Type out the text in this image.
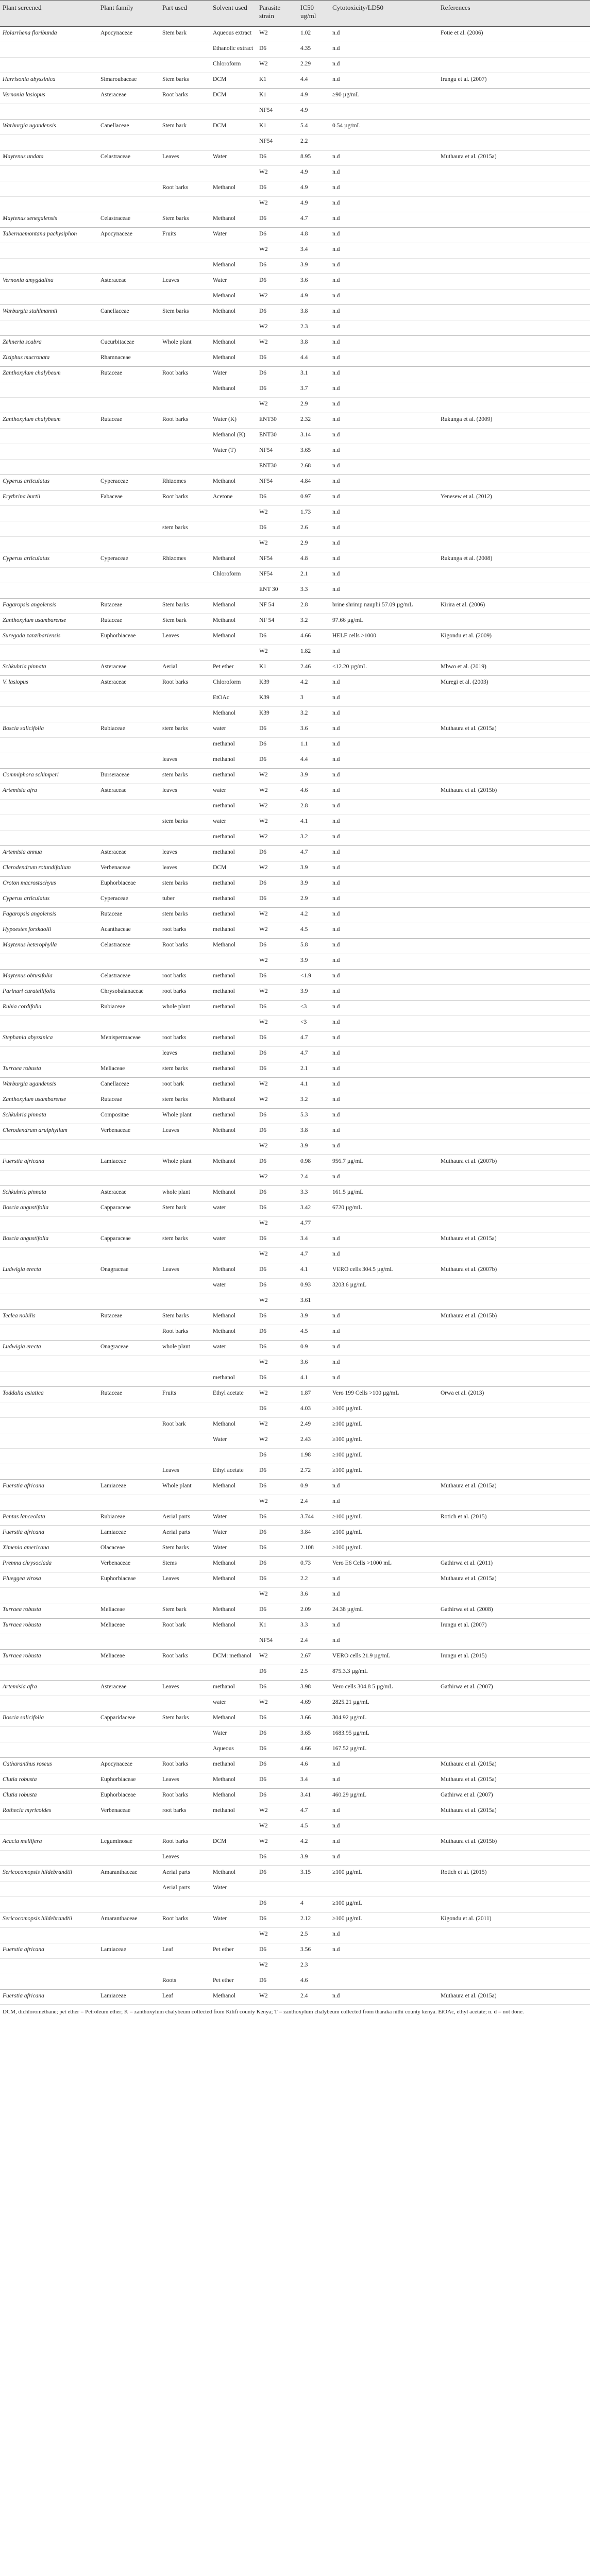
Plant screened	Plant family	Part used	Solvent used	Parasite strain	IC50 ug/ml	Cytotoxicity/LD50	References
Holarrhena floribunda	Apocynaceae	Stem bark	Aqueous extract	W2	1.02	n.d	Fotie et al. (2006)
			Ethanolic extract	D6	4.35	n.d	
			Chloroform	W2	2.29	n.d	
Harrisonia abyssinica	Simaroubaceae	Stem barks	DCM	K1	4.4	n.d	Irungu et al. (2007)
Vernonia lasiopus	Asteraceae	Root barks	DCM	K1	4.9	≥90 µg/mL	
				NF54	4.9		
Warburgia ugandensis	Canellaceae	Stem bark	DCM	K1	5.4	0.54 µg/mL	
				NF54	2.2		
Maytenus undata	Celastraceae	Leaves	Water	D6	8.95	n.d	Muthaura et al. (2015a)
				W2	4.9	n.d	
		Root barks	Methanol	D6	4.9	n.d	
				W2	4.9	n.d	
Maytenus senegalensis	Celastraceae	Stem barks	Methanol	D6	4.7	n.d	
Tabernaemontana pachysiphon	Apocynaceae	Fruits	Water	D6	4.8	n.d	
				W2	3.4	n.d	
			Methanol	D6	3.9	n.d	
Vernonia amygdalina	Asteraceae	Leaves	Water	D6	3.6	n.d	
			Methanol	W2	4.9	n.d	
Warburgia stuhlmannii	Canellaceae	Stem barks	Methanol	D6	3.8	n.d	
				W2	2.3	n.d	
Zehneria scabra	Cucurbitaceae	Whole plant	Methanol	W2	3.8	n.d	
Ziziphus mucronata	Rhamnaceae		Methanol	D6	4.4	n.d	
Zanthoxylum chalybeum	Rutaceae	Root barks	Water	D6	3.1	n.d	
			Methanol	D6	3.7	n.d	
				W2	2.9	n.d	
Zanthoxylum chalybeum	Rutaceae	Root barks	Water (K)	ENT30	2.32	n.d	Rukunga et al. (2009)
			Methanol (K)	ENT30	3.14	n.d	
			Water (T)	NF54	3.65	n.d	
				ENT30	2.68	n.d	
Cyperus articulatus	Cyperaceae	Rhizomes	Methanol	NF54	4.84	n.d	
Erythrina burtii	Fabaceae	Root barks	Acetone	D6	0.97	n.d	Yenesew et al. (2012)
				W2	1.73	n.d	
		stem barks		D6	2.6	n.d	
				W2	2.9	n.d	
Cyperus articulatus	Cyperaceae	Rhizomes	Methanol	NF54	4.8	n.d	Rukunga et al. (2008)
			Chloroform	NF54	2.1	n.d	
				ENT 30	3.3	n.d	
Fagaropsis angolensis	Rutaceae	Stem barks	Methanol	NF 54	2.8	brine shrimp nauplii 57.09 µg/mL	Kirira et al. (2006)
Zanthoxylum usambarense	Rutaceae	Stem bark	Methanol	NF 54	3.2	97.66 µg/mL	
Suregada zanzibariensis	Euphorbiaceae	Leaves	Methanol	D6	4.66	HELF cells >1000	Kigondu et al. (2009)
				W2	1.82	n.d	
Schkuhria pinnata	Asteraceae	Aerial	Pet ether	K1	2.46	<12.20 µg/mL	Mbwo et al. (2019)
V. lasiopus	Asteraceae	Root barks	Chloroform	K39	4.2	n.d	Muregi et al. (2003)
			EtOAc	K39	3	n.d	
			Methanol	K39	3.2	n.d	
Boscia salicifolia	Rubiaceae	stem barks	water	D6	3.6	n.d	Muthaura et al. (2015a)
			methanol	D6	1.1	n.d	
		leaves	methanol	D6	4.4	n.d	
Commiphora schimperi	Burseraceae	stem barks	methanol	W2	3.9	n.d	
Artemisia afra	Asteraceae	leaves	water	W2	4.6	n.d	Muthaura et al. (2015b)
			methanol	W2	2.8	n.d	
		stem barks	water	W2	4.1	n.d	
			methanol	W2	3.2	n.d	
Artemisia annua	Asteraceae	leaves	methanol	D6	4.7	n.d	
Clerodendrum rotundifolium	Verbenaceae	leaves	DCM	W2	3.9	n.d	
Croton macrostachyus	Euphorbiaceae	stem barks	methanol	D6	3.9	n.d	
Cyperus articulatus	Cyperaceae	tuber	methanol	D6	2.9	n.d	
Fagaropsis angolensis	Rutaceae	stem barks	methanol	W2	4.2	n.d	
Hypoestes forskaolii	Acanthaceae	root barks	methanol	W2	4.5	n.d	
Maytenus heterophylla	Celastraceae	Root barks	Methanol	D6	5.8	n.d	
				W2	3.9	n.d	
Maytenus obtusifolia	Celastraceae	root barks	methanol	D6	<1.9	n.d	
Parinari curatellifolia	Chrysobalanaceae	root barks	methanol	W2	3.9	n.d	
Rubia cordifolia	Rubiaceae	whole plant	methanol	D6	<3	n.d	
				W2	<3	n.d	
Stephania abyssinica	Menispermaceae	root barks	methanol	D6	4.7	n.d	
		leaves	methanol	D6	4.7	n.d	
Turraea robusta	Meliaceae	stem barks	methanol	D6	2.1	n.d	
Warburgia ugandensis	Canellaceae	root bark	methanol	W2	4.1	n.d	
Zanthoxylum usambarense	Rutaceae	stem barks	Methanol	W2	3.2	n.d	
Schkuhria pinnata	Compositae	Whole plant	methanol	D6	5.3	n.d	
Clerodendrum aruiphyllum	Verbenaceae	Leaves	Methanol	D6	3.8	n.d	
				W2	3.9	n.d	
Fuerstia africana	Lamiaceae	Whole plant	Methanol	D6	0.98	956.7 µg/mL	Muthaura et al. (2007b)
				W2	2.4	n.d	
Schkuhria pinnata	Asteraceae	whole plant	Methanol	D6	3.3	161.5 µg/mL	
Boscia angustifolia	Capparaceae	Stem bark	water	D6	3.42	6720 µg/mL	
				W2	4.77		
Boscia angustifolia	Capparaceae	stem barks	water	D6	3.4	n.d	Muthaura et al. (2015a)
				W2	4.7	n.d	
Ludwigia erecta	Onagraceae	Leaves	Methanol	D6	4.1	VERO cells 304.5 µg/mL	Muthaura et al. (2007b)
			water	D6	0.93	3203.6 µg/mL	
				W2	3.61		
Teclea nobilis	Rutaceae	Stem barks	Methanol	D6	3.9	n.d	Muthaura et al. (2015b)
		Root barks	Methanol	D6	4.5	n.d	
Ludwigia erecta	Onagraceae	whole plant	water	D6	0.9	n.d	
				W2	3.6	n.d	
			methanol	D6	4.1	n.d	
Toddalia asiatica	Rutaceae	Fruits	Ethyl acetate	W2	1.87	Vero 199 Cells >100 µg/mL	Orwa et al. (2013)
				D6	4.03	≥100 µg/mL	
		Root bark	Methanol	W2	2.49	≥100 µg/mL	
			Water	W2	2.43	≥100 µg/mL	
				D6	1.98	≥100 µg/mL	
		Leaves	Ethyl acetate	D6	2.72	≥100 µg/mL	
Fuerstia africana	Lamiaceae	Whole plant	Methanol	D6	0.9	n.d	Muthaura et al. (2015a)
				W2	2.4	n.d	
Pentas lanceolata	Rubiaceae	Aerial parts	Water	D6	3.744	≥100 µg/mL	Rotich et al. (2015)
Fuerstia africana	Lamiaceae	Aerial parts	Water	D6	3.84	≥100 µg/mL	
Ximenia americana	Olacaceae	Stem barks	Water	D6	2.108	≥100 µg/mL	
Premna chrysoclada	Verbenaceae	Stems	Methanol	D6	0.73	Vero E6 Cells >1000 mL	Gathirwa et al. (2011)
Flueggea virosa	Euphorbiaceae	Leaves	Methanol	D6	2.2	n.d	Muthaura et al. (2015a)
				W2	3.6	n.d	
Turraea robusta	Meliaceae	Stem bark	Methanol	D6	2.09	24.38 µg/mL	Gathirwa et al. (2008)
Turraea robusta	Meliaceae	Root bark	Methanol	K1	3.3	n.d	Irungu et al. (2007)
				NF54	2.4	n.d	
Turraea robusta	Meliaceae	Root barks	DCM: methanol	W2	2.67	VERO cells 21.9 µg/mL	Irungu et al. (2015)
				D6	2.5	875.3.3 µg/mL	
Artemisia afra	Asteraceae	Leaves	methanol	D6	3.98	Vero cells 304.8 5 µg/mL	Gathirwa et al. (2007)
			water	W2	4.69	2825.21 µg/mL	
Boscia salicifolia	Capparidaceae	Stem barks	Methanol	D6	3.66	304.92 µg/mL	
			Water	D6	3.65	1683.95 µg/mL	
			Aqueous	D6	4.66	167.52 µg/mL	
Catharanthus roseus	Apocynaceae	Root barks	methanol	D6	4.6	n.d	Muthaura et al. (2015a)
Clutia robusta	Euphorbiaceae	Leaves	Methanol	D6	3.4	n.d	Muthaura et al. (2015a)
Clutia robusta	Euphorbiaceae	Root barks	Methanol	D6	3.41	460.29 µg/mL	Gathirwa et al. (2007)
Rothecia myricoides	Verbenaceae	root barks	methanol	W2	4.7	n.d	Muthaura et al. (2015a)
				W2	4.5	n.d	
Acacia mellifera	Leguminosae	Root barks	DCM	W2	4.2	n.d	Muthaura et al. (2015b)
		Leaves		D6	3.9	n.d	
Sericocomopsis hildebrandtii	Amaranthaceae	Aerial parts	Methanol	D6	3.15	≥100 µg/mL	Rotich et al. (2015)
		Aerial parts	Water				
				D6	4	≥100 µg/mL	
Sericocomopsis hildebrandtii	Amaranthaceae	Root barks	Water	D6	2.12	≥100 µg/mL	Kigondu et al. (2011)
				W2	2.5	n.d	
Fuerstia africana	Lamiaceae	Leaf	Pet ether	D6	3.56	n.d	
				W2	2.3		
		Roots	Pet ether	D6	4.6		
Fuerstia africana	Lamiaceae	Leaf	Methanol	W2	2.4	n.d	Muthaura et al. (2015a)
DCM, dichloromethane; pet ether = Petroleum ether; K = zanthoxylum chalybeum collected from Kilifi county Kenya; T = zanthoxylum chalybeum collected from tharaka nithi county kenya. EtOAc, ethyl acetate; n. d = not done.
